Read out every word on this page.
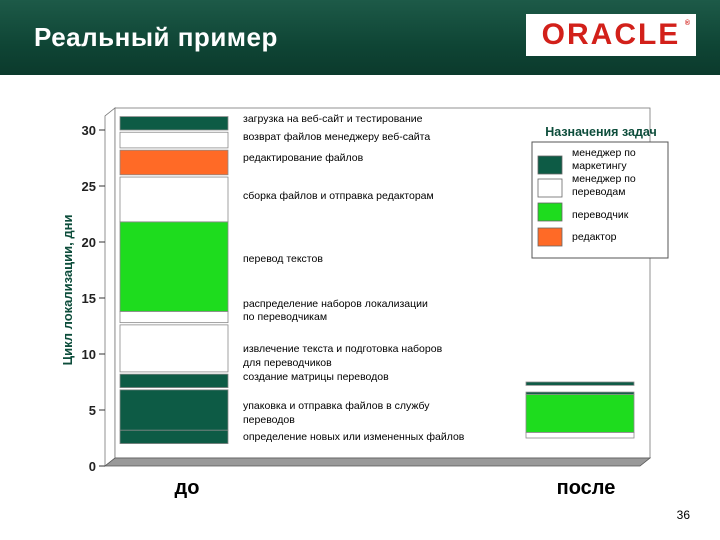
Реальный пример	ORACLE ®
0
5
10
15
20
25
30
Цикл локализации, дни
до	после
загрузка на веб-сайт и тестирование
возврат файлов менеджеру веб-сайта
редактирование файлов
сборка файлов и отправка редакторам
перевод текстов
распределение наборов локализации
по переводчикам
извлечение текста и подготовка наборов
для переводчиков
создание матрицы переводов
упаковка и отправка файлов в службу
переводов
определение новых или измененных файлов
Назначения задач
менеджер по
маркетингу
менеджер по
переводам
переводчик
редактор
36
